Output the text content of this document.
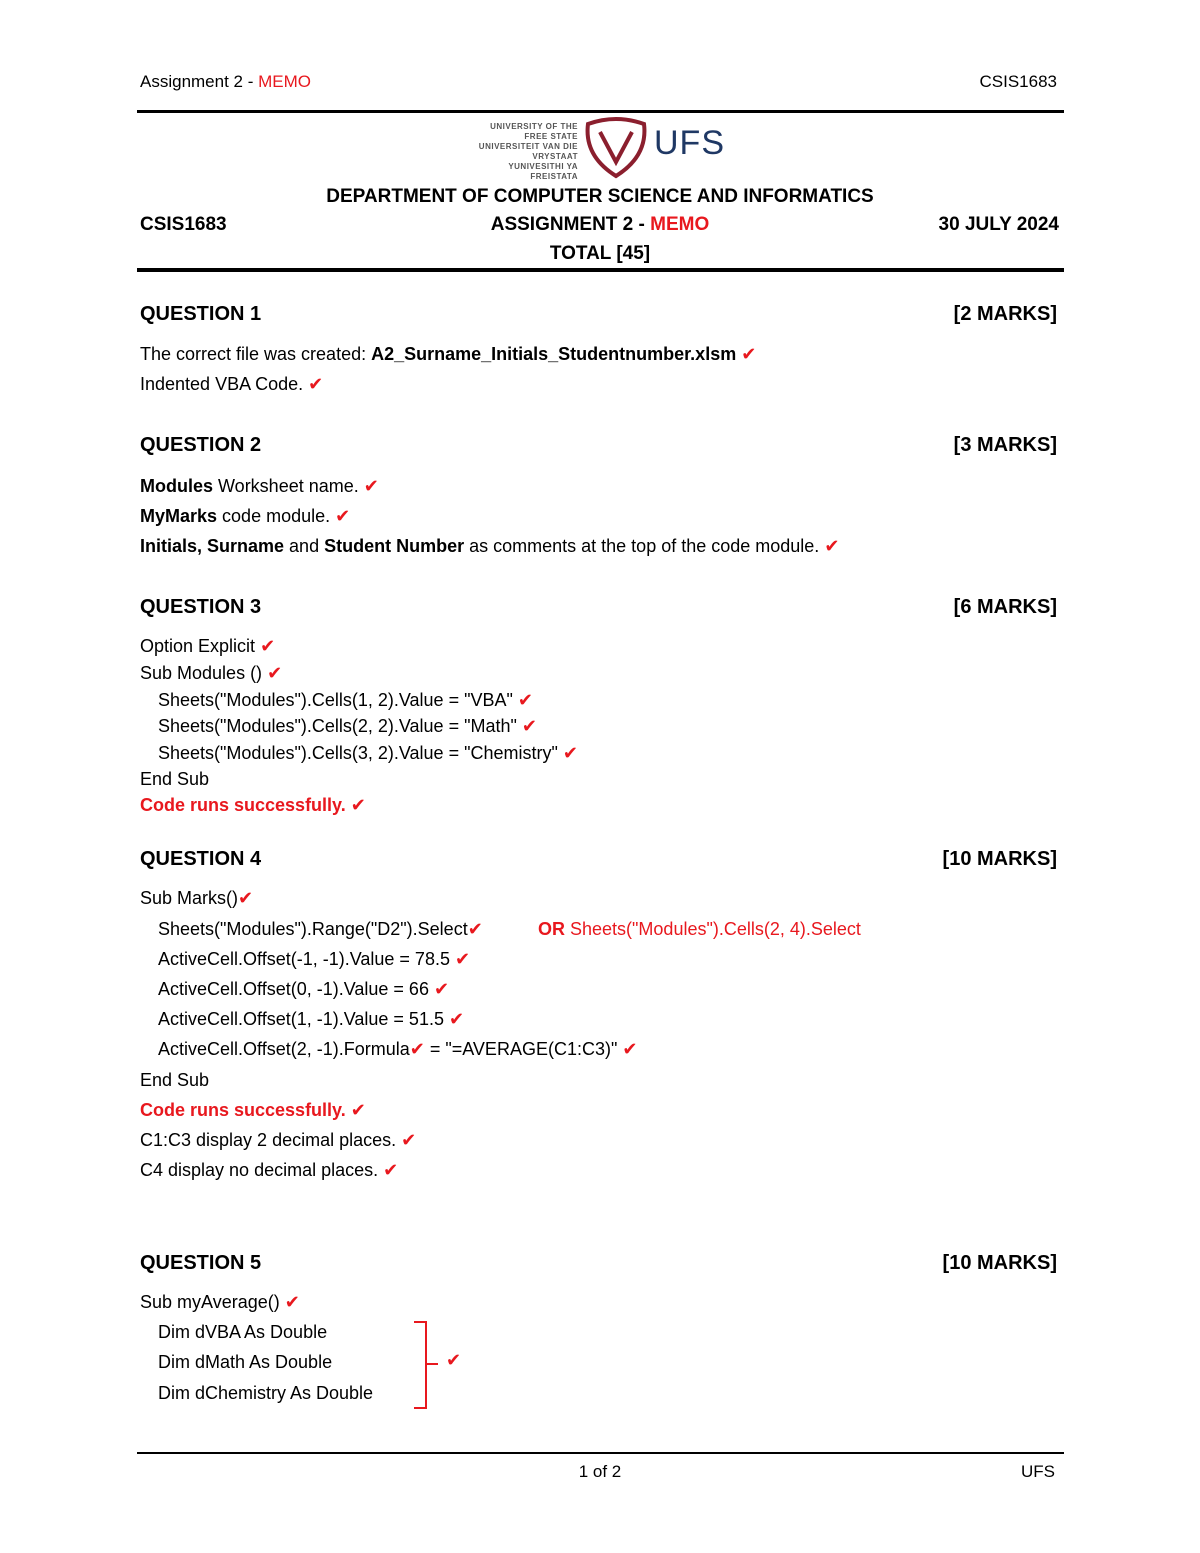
Assignment 2 - MEMO	CSIS1683
UNIVERSITY OF THE
FREE STATE
UNIVERSITEIT VAN DIE
VRYSTAAT
YUNIVESITHI YA
FREISTATA
UFS
DEPARTMENT OF COMPUTER SCIENCE AND INFORMATICS
CSIS1683	ASSIGNMENT 2 - MEMO	30 JULY 2024
TOTAL [45]
QUESTION 1	[2 MARKS]
The correct file was created: A2_Surname_Initials_Studentnumber.xlsm ✔
Indented VBA Code. ✔
QUESTION 2	[3 MARKS]
Modules Worksheet name. ✔
MyMarks code module. ✔
Initials, Surname and Student Number as comments at the top of the code module. ✔
QUESTION 3	[6 MARKS]
Option Explicit ✔
Sub Modules () ✔
Sheets("Modules").Cells(1, 2).Value = "VBA" ✔
Sheets("Modules").Cells(2, 2).Value = "Math" ✔
Sheets("Modules").Cells(3, 2).Value = "Chemistry" ✔
End Sub
Code runs successfully. ✔
QUESTION 4	[10 MARKS]
Sub Marks()✔
Sheets("Modules").Range("D2").Select✔	OR Sheets("Modules").Cells(2, 4).Select
ActiveCell.Offset(-1, -1).Value = 78.5 ✔
ActiveCell.Offset(0, -1).Value = 66 ✔
ActiveCell.Offset(1, -1).Value = 51.5 ✔
ActiveCell.Offset(2, -1).Formula✔ = "=AVERAGE(C1:C3)" ✔
End Sub
Code runs successfully. ✔
C1:C3 display 2 decimal places. ✔
C4 display no decimal places. ✔
QUESTION 5	[10 MARKS]
Sub myAverage() ✔
Dim dVBA As Double
Dim dMath As Double
Dim dChemistry As Double
✔
1 of 2	UFS
